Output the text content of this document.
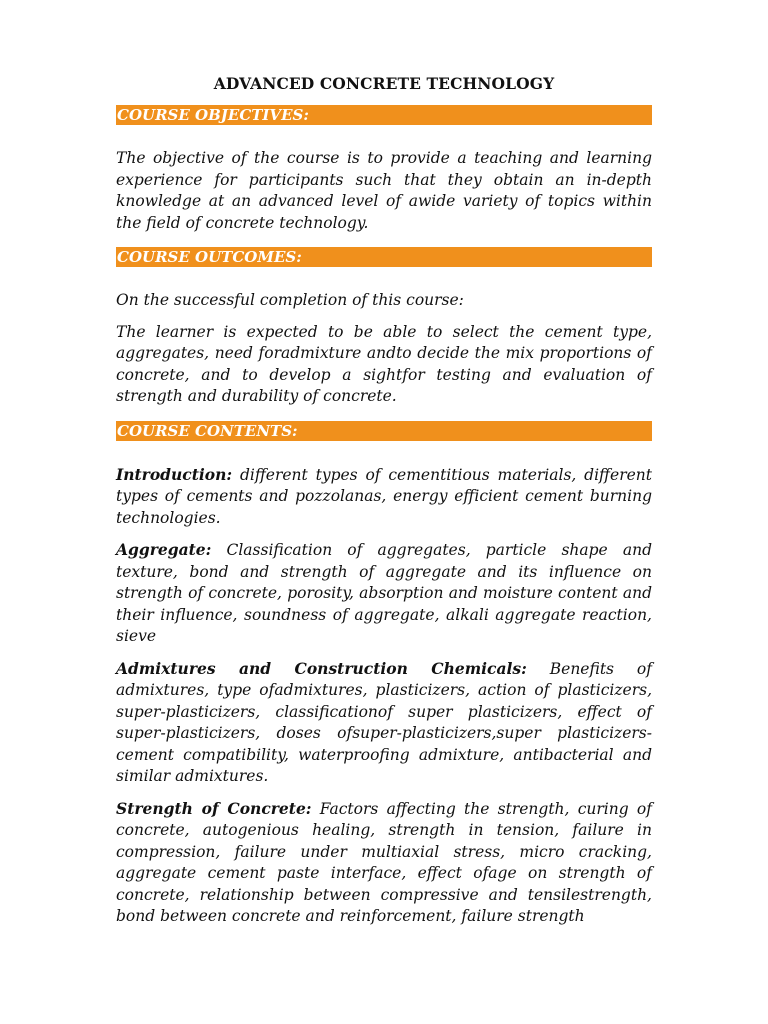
ADVANCED CONCRETE TECHNOLOGY

COURSE OBJECTIVES:

The objective of the course is to provide a teaching and learning experience for participants such that they obtain an in-depth knowledge at an advanced level of awide variety of topics within the field of concrete technology.

COURSE OUTCOMES:

On the successful completion of this course:

The learner is expected to be able to select the cement type, aggregates, need foradmixture andto decide the mix proportions of concrete, and to develop a sightfor testing and evaluation of strength and durability of concrete.

COURSE CONTENTS:

Introduction: different types of cementitious materials, different types of cements and pozzolanas, energy efficient cement burning technologies.

Aggregate: Classification of aggregates, particle shape and texture, bond and strength of aggregate and its influence on strength of concrete, porosity, absorption and moisture content and their influence, soundness of aggregate, alkali aggregate reaction, sieve

Admixtures and Construction Chemicals: Benefits of admixtures, type ofadmixtures, plasticizers, action of plasticizers, super-plasticizers, classificationof super plasticizers, effect of super-plasticizers, doses ofsuper-plasticizers,super plasticizers-cement compatibility, waterproofing admixture, antibacterial and similar admixtures.

Strength of Concrete: Factors affecting the strength, curing of concrete, autogenious healing, strength in tension, failure in compression, failure under multiaxial stress, micro cracking, aggregate cement paste interface, effect ofage on strength of concrete, relationship between compressive and tensilestrength, bond between concrete and reinforcement, failure strength
